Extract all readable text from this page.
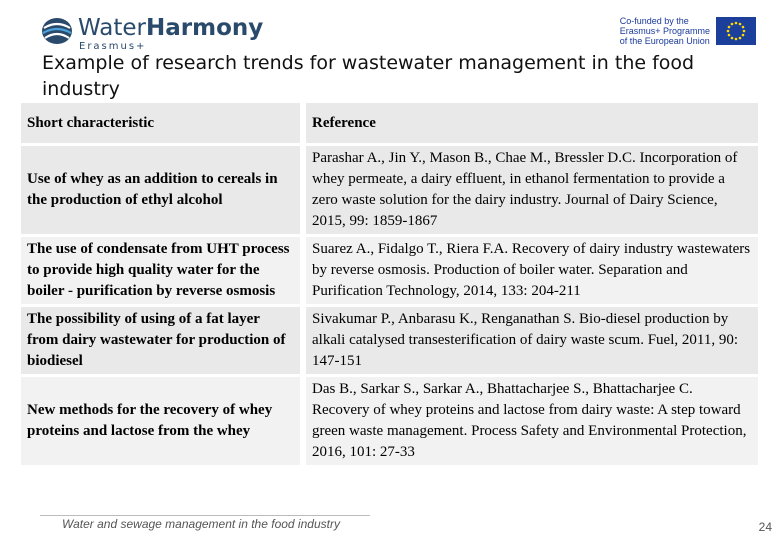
WaterHarmony
Erasmus+
Co-funded by the
Erasmus+ Programme
of the European Union
Example of research trends for wastewater management in the food industry
Short characteristic	Reference
Use of whey as an addition to cereals in the production of ethyl alcohol	Parashar A., Jin Y., Mason B., Chae M., Bressler D.C. Incorporation of whey permeate, a dairy effluent, in ethanol fermentation to provide a zero waste solution for the dairy industry. Journal of Dairy Science, 2015, 99: 1859-1867
The use of condensate from UHT process to provide high quality water for the boiler - purification by reverse osmosis	Suarez A., Fidalgo T., Riera F.A. Recovery of dairy industry wastewaters by reverse osmosis. Production of boiler water. Separation and Purification Technology, 2014, 133: 204-211
The possibility of using of a fat layer from dairy wastewater for production of biodiesel	Sivakumar P., Anbarasu K., Renganathan S. Bio-diesel production by alkali catalysed transesterification of dairy waste scum. Fuel, 2011, 90: 147-151
New methods for the recovery of whey proteins and lactose from the whey	Das B., Sarkar S., Sarkar A., Bhattacharjee S., Bhattacharjee C. Recovery of whey proteins and lactose from dairy waste: A step toward green waste management. Process Safety and Environmental Protection, 2016, 101: 27-33
Water and sewage management in the food industry	24
